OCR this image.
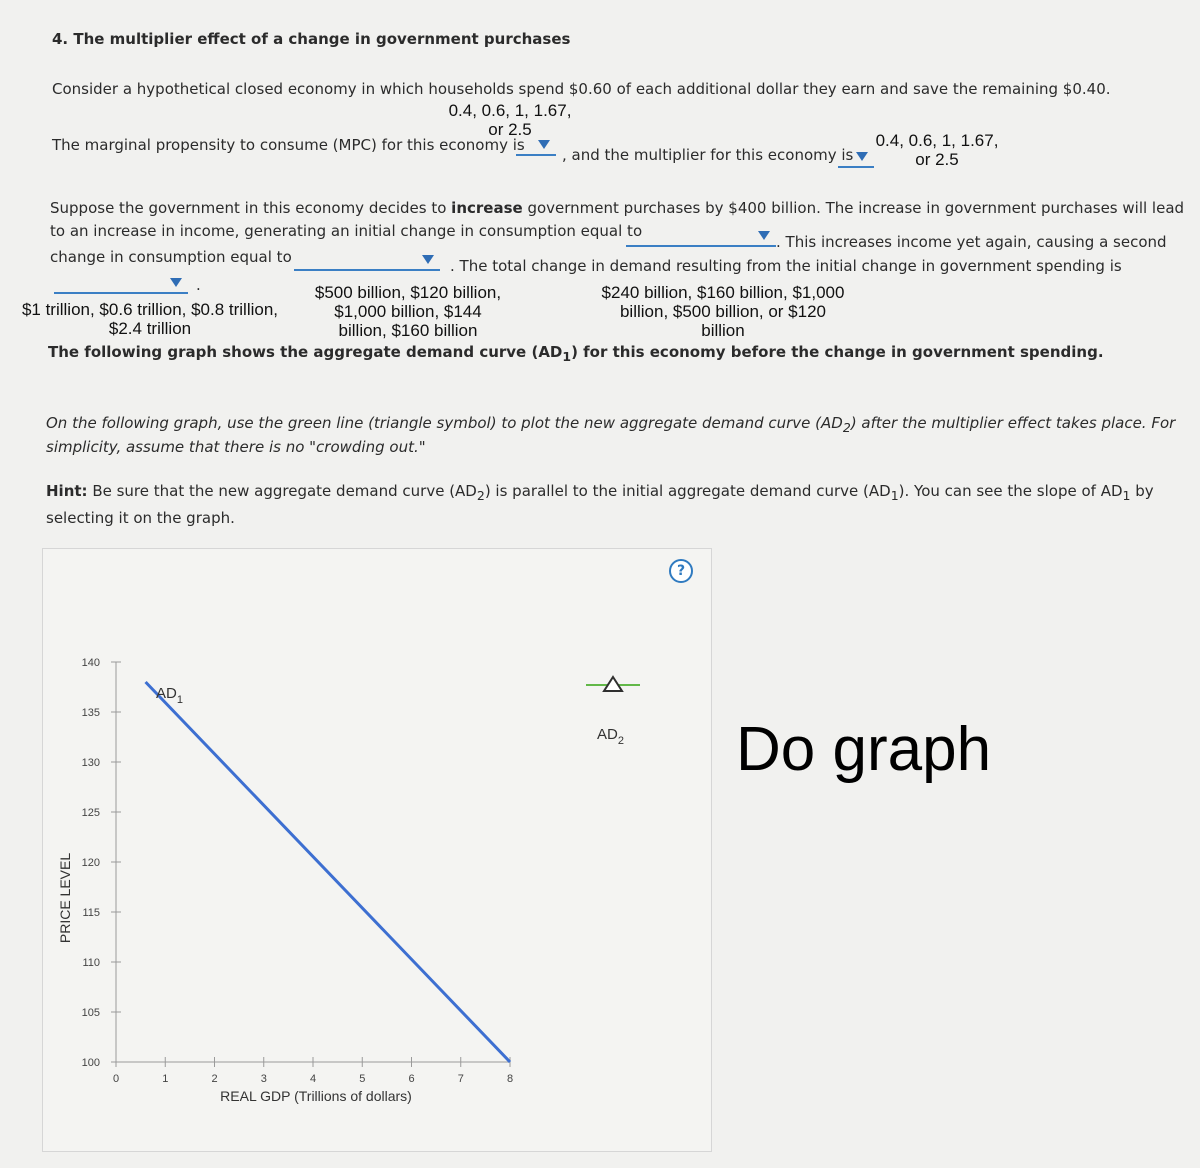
4. The multiplier effect of a change in government purchases
Consider a hypothetical closed economy in which households spend $0.60 of each additional dollar they earn and save the remaining $0.40.
0.4, 0.6, 1, 1.67,
or 2.5
The marginal propensity to consume (MPC) for this economy is
, and the multiplier for this economy is
0.4, 0.6, 1, 1.67,
or 2.5
Suppose the government in this economy decides to increase government purchases by $400 billion. The increase in government purchases will lead
to an increase in income, generating an initial change in consumption equal to
. This increases income yet again, causing a second
change in consumption equal to	. The total change in demand resulting from the initial change in government spending is
.
$1 trillion, $0.6 trillion, $0.8 trillion,
$2.4 trillion
$500 billion, $120 billion,
$1,000 billion, $144
billion, $160 billion
$240 billion, $160 billion, $1,000
billion, $500 billion, or $120
billion
The following graph shows the aggregate demand curve $(AD_1)$ for this economy before the change in government spending.
On the following graph, use the green line (triangle symbol) to plot the new aggregate demand curve $(AD_2)$ after the multiplier effect takes place. For
simplicity, assume that there is no "crowding out."
Hint: Be sure that the new aggregate demand curve $(AD_2)$ is parallel to the initial aggregate demand curve $(AD_1)$. You can see the slope of $AD_1$ by
selecting it on the graph.
?
100
105
110
115
120
125
130
135
140
0	1	2	3	4	5	6	7	8
PRICE LEVEL
REAL GDP (Trillions of dollars)
$AD_1$
$AD_2$ Do graph
